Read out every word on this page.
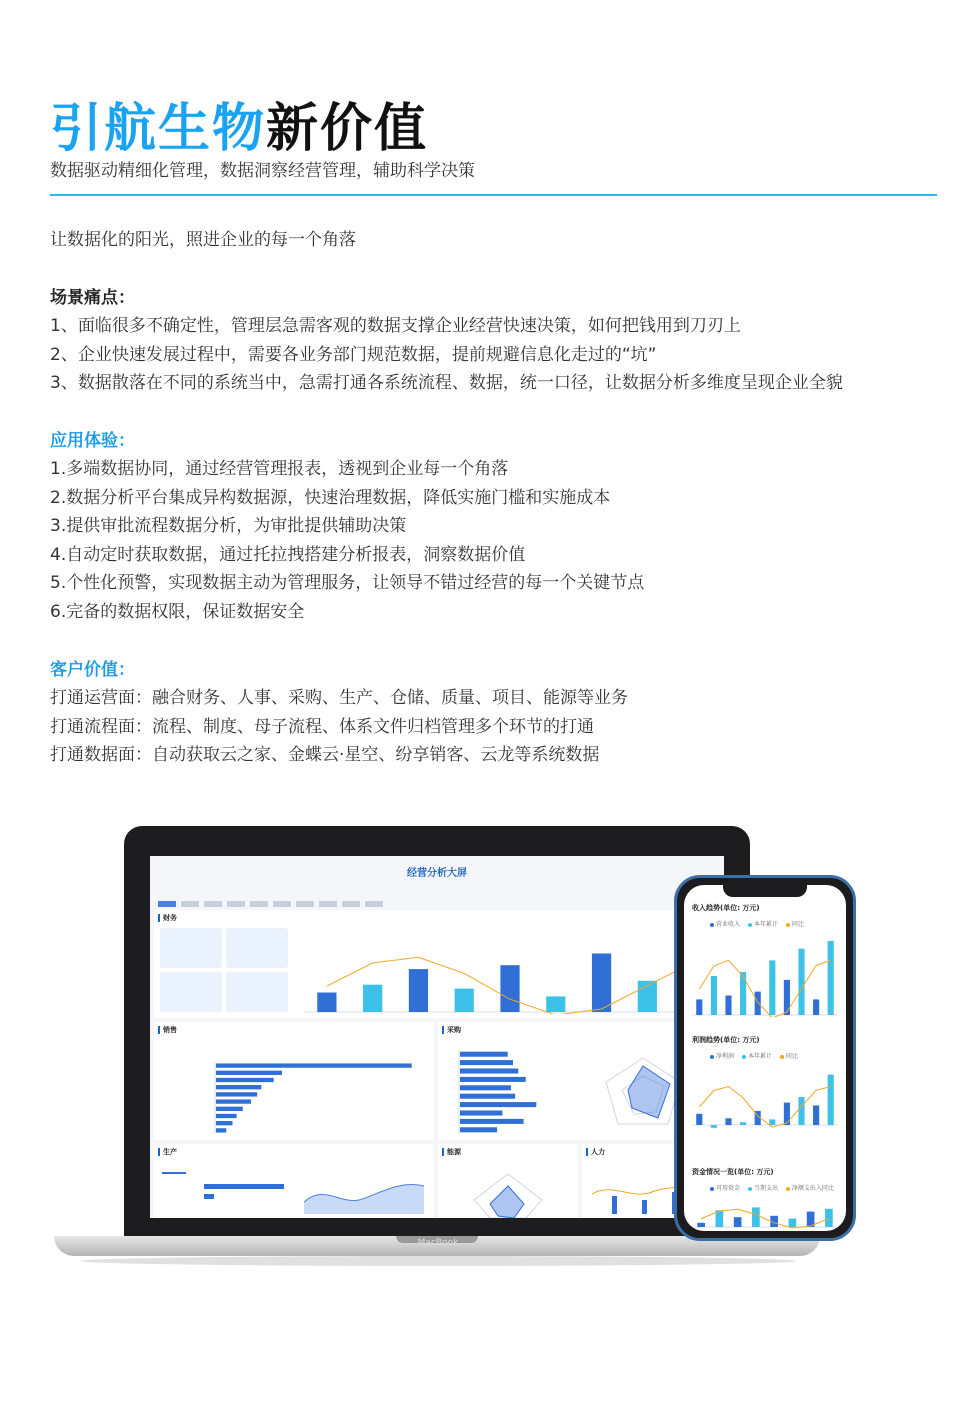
引航生物新价值
数据驱动精细化管理，数据洞察经营管理，辅助科学决策
让数据化的阳光，照进企业的每一个角落
场景痛点：
1、面临很多不确定性，管理层急需客观的数据支撑企业经营快速决策，如何把钱用到刀刃上
2、企业快速发展过程中，需要各业务部门规范数据，提前规避信息化走过的“坑”
3、数据散落在不同的系统当中，急需打通各系统流程、数据，统一口径，让数据分析多维度呈现企业全貌
应用体验：
1.多端数据协同，通过经营管理报表，透视到企业每一个角落
2.数据分析平台集成异构数据源，快速治理数据，降低实施门槛和实施成本
3.提供审批流程数据分析，为审批提供辅助决策
4.自动定时获取数据，通过托拉拽搭建分析报表，洞察数据价值
5.个性化预警，实现数据主动为管理服务，让领导不错过经营的每一个关键节点
6.完备的数据权限，保证数据安全
客户价值：
打通运营面：融合财务、人事、采购、生产、仓储、质量、项目、能源等业务
打通流程面：流程、制度、母子流程、体系文件归档管理多个环节的打通
打通数据面：自动获取云之家、金蝶云·星空、纷享销客、云龙等系统数据
MacBook
经营分析大屏
财务
销售	采购
生产	能源	人力
收入趋势(单位: 万元)
营业收入 本年累计 同比
利润趋势(单位: 万元)
净利润 本年累计 同比
资金情况一览(单位: 万元)
可用资金 当期支出 净额支出入同比
